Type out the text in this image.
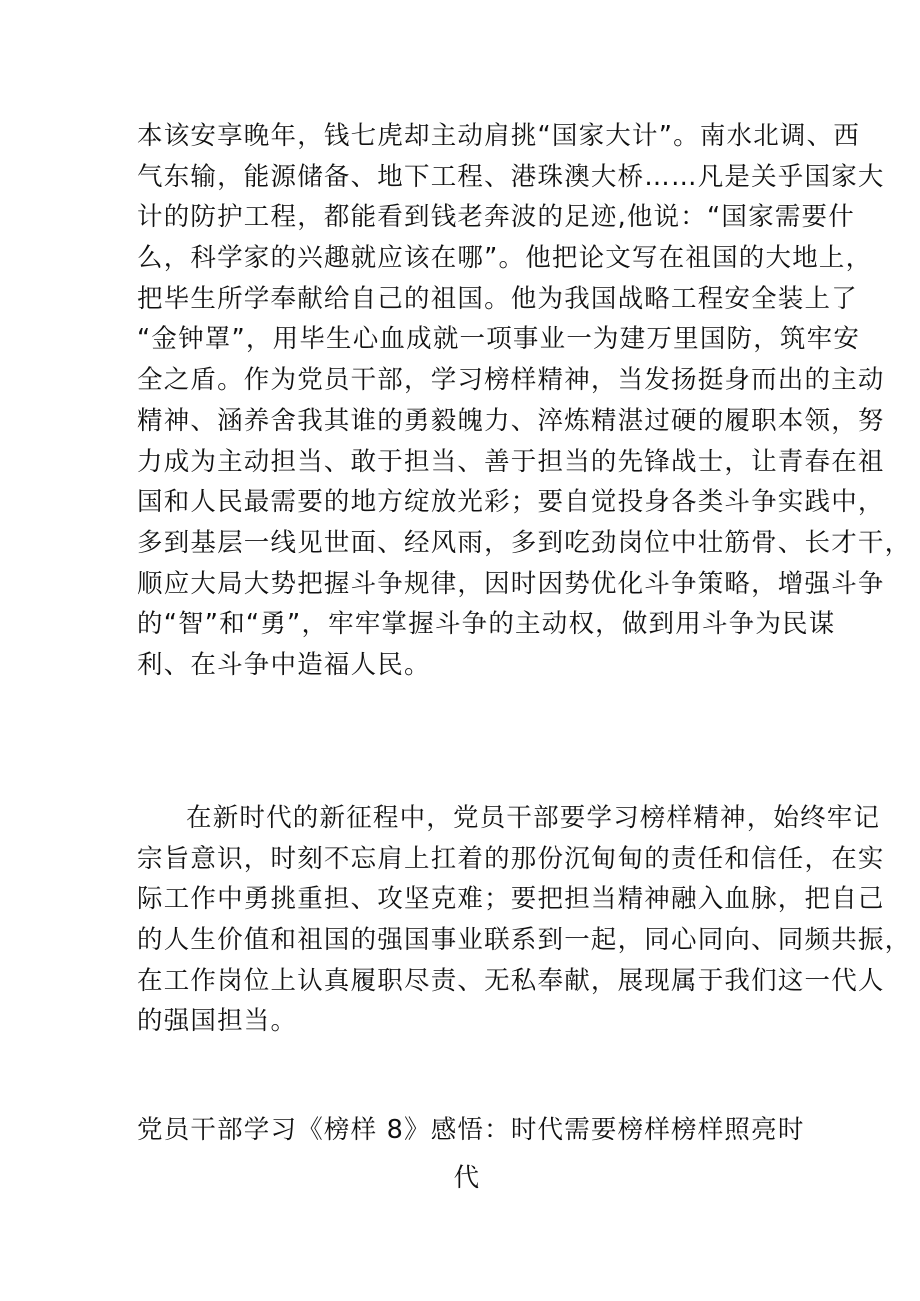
本该安享晚年，钱七虎却主动肩挑“国家大计”。南水北调、西
气东输，能源储备、地下工程、港珠澳大桥……凡是关乎国家大
计的防护工程，都能看到钱老奔波的足迹,他说：“国家需要什
么，科学家的兴趣就应该在哪”。他把论文写在祖国的大地上，
把毕生所学奉献给自己的祖国。他为我国战略工程安全装上了
“金钟罩”，用毕生心血成就一项事业一为建万里国防，筑牢安
全之盾。作为党员干部，学习榜样精神，当发扬挺身而出的主动
精神、涵养舍我其谁的勇毅魄力、淬炼精湛过硬的履职本领，努
力成为主动担当、敢于担当、善于担当的先锋战士，让青春在祖
国和人民最需要的地方绽放光彩；要自觉投身各类斗争实践中，
多到基层一线见世面、经风雨，多到吃劲岗位中壮筋骨、长才干，
顺应大局大势把握斗争规律，因时因势优化斗争策略，增强斗争
的“智”和“勇”，牢牢掌握斗争的主动权，做到用斗争为民谋
利、在斗争中造福人民。
在新时代的新征程中，党员干部要学习榜样精神，始终牢记
宗旨意识，时刻不忘肩上扛着的那份沉甸甸的责任和信任，在实
际工作中勇挑重担、攻坚克难；要把担当精神融入血脉，把自己
的人生价值和祖国的强国事业联系到一起，同心同向、同频共振，
在工作岗位上认真履职尽责、无私奉献，展现属于我们这一代人
的强国担当。
党员干部学习《榜样 8》感悟：时代需要榜样榜样照亮时
代
